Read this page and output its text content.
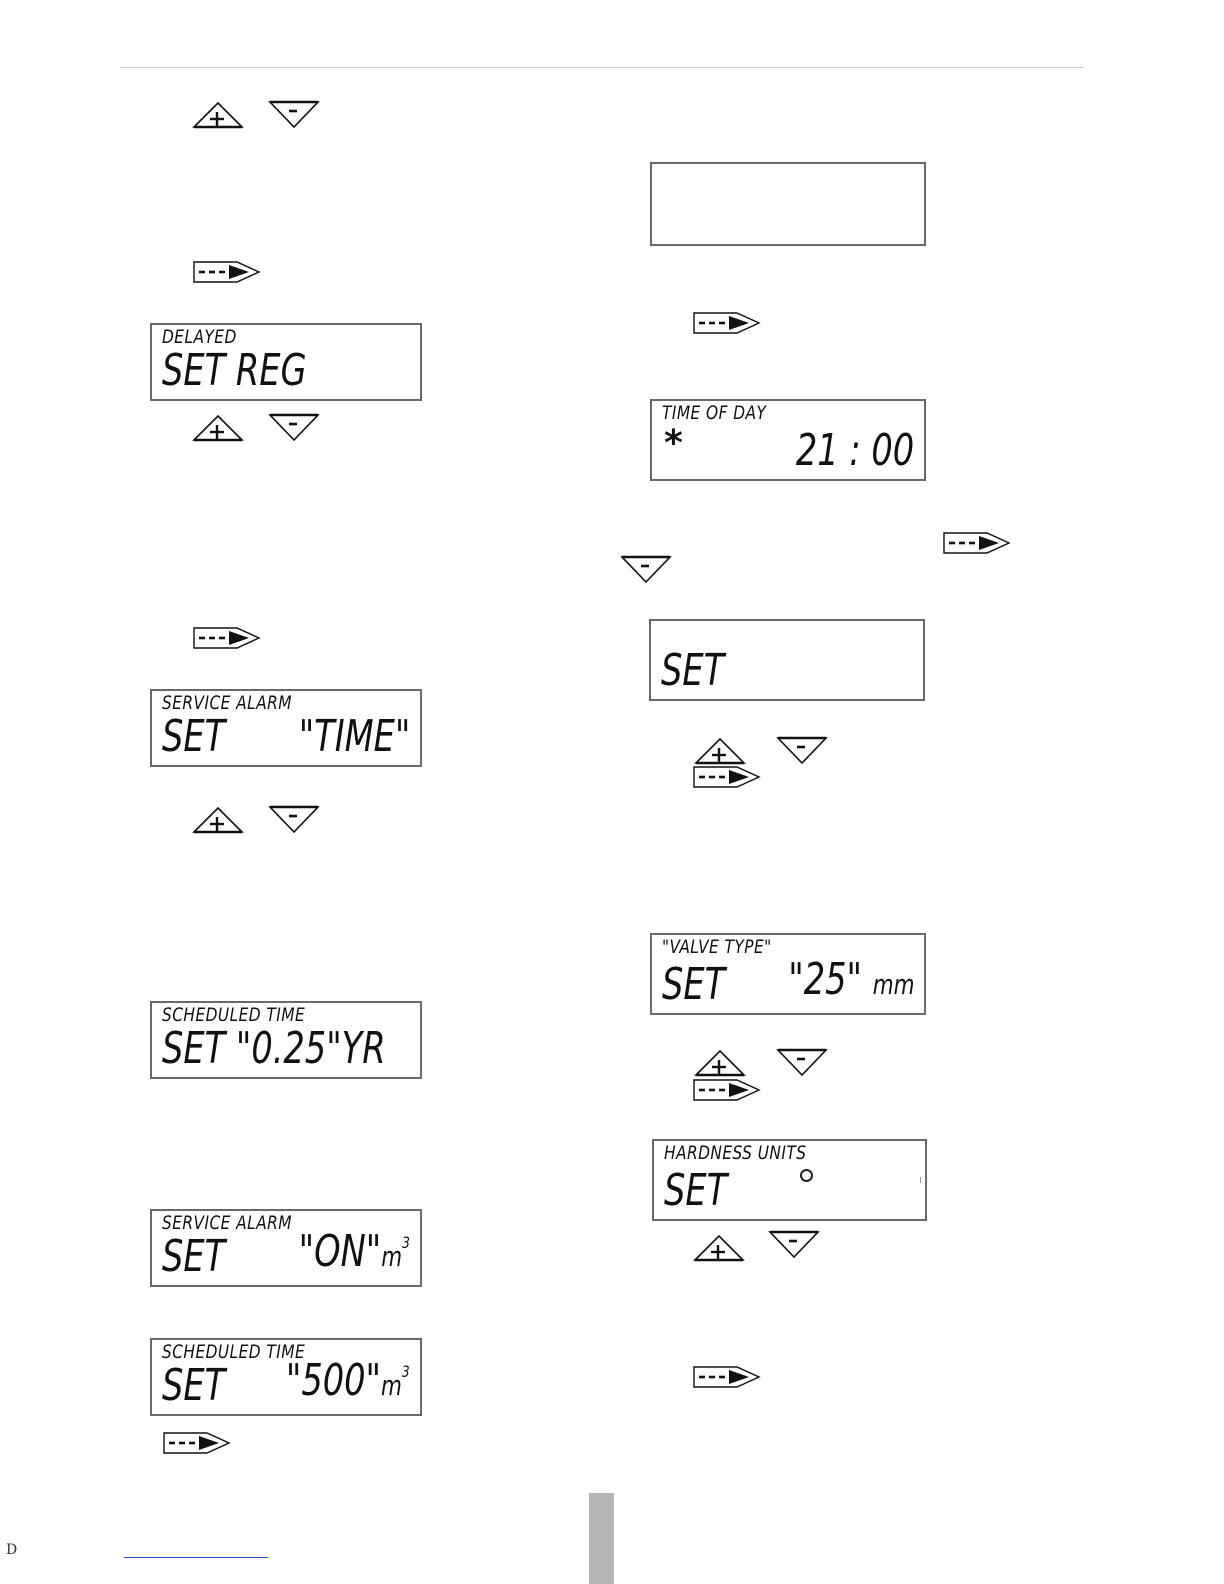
DELAYED
SET REG
SERVICE ALARM
SET "TIME"
SCHEDULED TIME
SET "0.25"YR
SERVICE ALARM
SET "$ON"m^3$
SCHEDULED TIME
SET "$500"m^3$
TIME OF DAY
*	21 : 00
SET
"VALVE TYPE"
SET "25" mm
HARDNESS UNITS
SET
D
